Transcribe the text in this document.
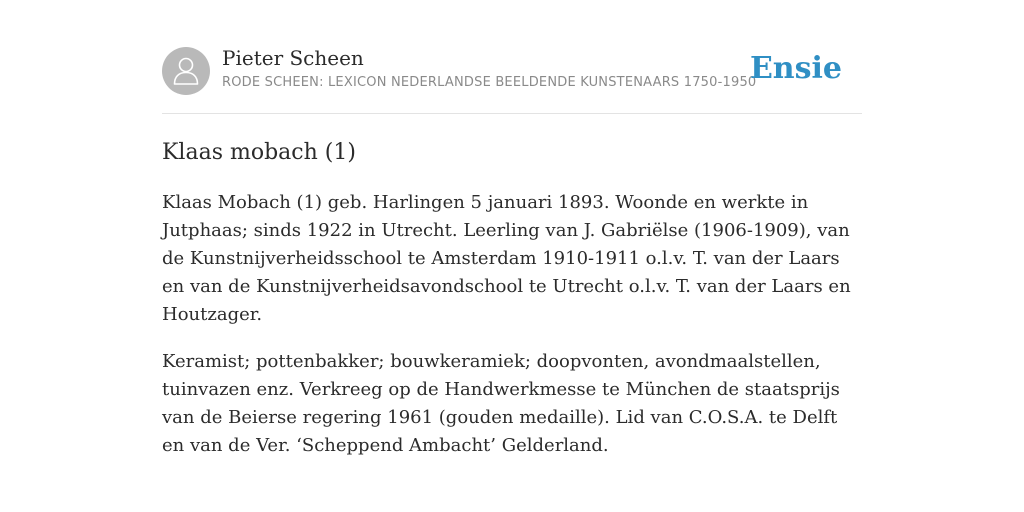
Pieter Scheen
RODE SCHEEN: LEXICON NEDERLANDSE BEELDENDE KUNSTENAARS 1750-1950
Ensie
Klaas mobach (1)

Klaas Mobach (1) geb. Harlingen 5 januari 1893. Woonde en werkte in Jutphaas; sinds 1922 in Utrecht. Leerling van J. Gabriëlse (1906-1909), van de Kunstnijverheidsschool te Amsterdam 1910-1911 o.l.v. T. van der Laars en van de Kunstnijverheidsavondschool te Utrecht o.l.v. T. van der Laars en Houtzager.

Keramist; pottenbakker; bouwkeramiek; doopvonten, avondmaalstellen, tuinvazen enz. Verkreeg op de Handwerkmesse te München de staatsprijs van de Beierse regering 1961 (gouden medaille). Lid van C.O.S.A. te Delft en van de Ver. ‘Scheppend Ambacht’ Gelderland.
